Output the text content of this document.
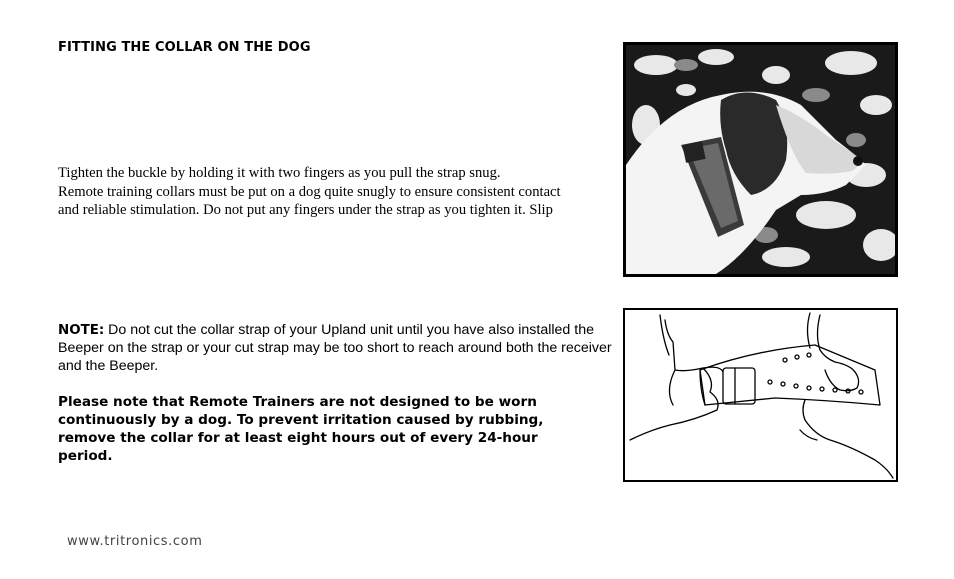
FITTING THE COLLAR ON THE DOG
Tighten the buckle by holding it with two fingers as you pull the strap snug.
Remote training collars must be put on a dog quite snugly to ensure consistent contact
and reliable stimulation. Do not put any fingers under the strap as you tighten it. Slip
NOTE: Do not cut the collar strap of your Upland unit until you have also installed the Beeper on the strap or your cut strap may be too short to reach around both the receiver and the Beeper.
Please note that Remote Trainers are not designed to be worn continuously by a dog. To prevent irritation caused by rubbing, remove the collar for at least eight hours out of every 24-hour period.
www.tritronics.com
